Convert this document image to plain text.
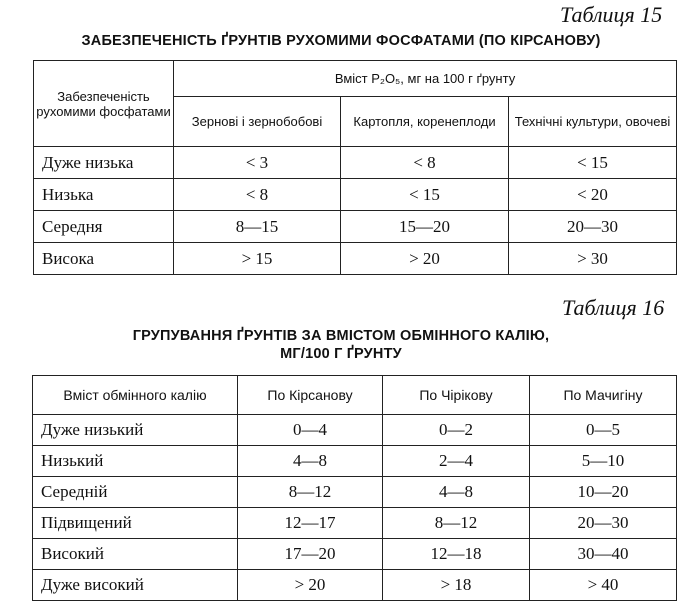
Таблиця 15
ЗАБЕЗПЕЧЕНІСТЬ ҐРУНТІВ РУХОМИМИ ФОСФАТАМИ (ПО КІРСАНОВУ)
Забезпеченість рухомими фосфатами	Вміст P₂O₅, мг на 100 г ґрунту		
	Зернові і зернобобові	Картопля, коренеплоди	Технічні культури, овочеві
Дуже низька	< 3	< 8	< 15
Низька	< 8	< 15	< 20
Середня	8—15	15—20	20—30
Висока	> 15	> 20	> 30
Таблиця 16
ГРУПУВАННЯ ҐРУНТІВ ЗА ВМІСТОМ ОБМІННОГО КАЛІЮ,
МГ/100 Г ҐРУНТУ
Вміст обмінного калію	По Кірсанову	По Чірікову	По Мачигіну
Дуже низький	0—4	0—2	0—5
Низький	4—8	2—4	5—10
Середній	8—12	4—8	10—20
Підвищений	12—17	8—12	20—30
Високий	17—20	12—18	30—40
Дуже високий	> 20	> 18	> 40
